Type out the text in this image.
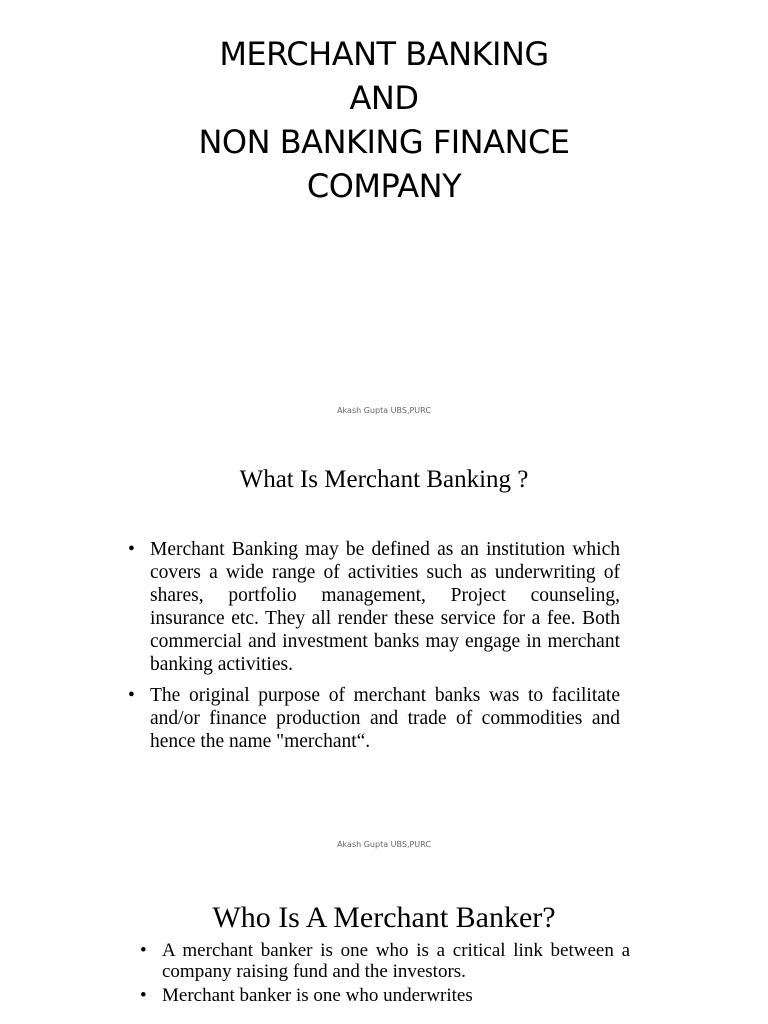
MERCHANT BANKING
AND
NON BANKING FINANCE
COMPANY
Akash Gupta UBS,PURC
What Is Merchant Banking ?
• Merchant Banking may be defined as an institution which covers a wide range of activities such as underwriting of shares, portfolio management, Project counseling, insurance etc. They all render these service for a fee. Both commercial and investment banks may engage in merchant banking activities.
• The original purpose of merchant banks was to facilitate and/or finance production and trade of commodities and hence the name "merchant“.
Akash Gupta UBS,PURC
Who Is A Merchant Banker?
• A merchant banker is one who is a critical link between a company raising fund and the investors.
• Merchant banker is one who underwrites
